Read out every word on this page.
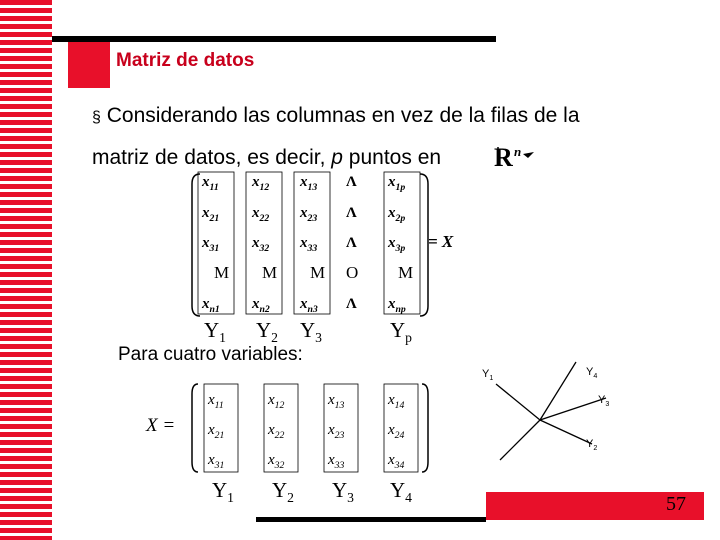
Matriz de datos
§ Considerando las columnas en vez de la filas de la
matriz de datos, es decir, p puntos en R n
$x_{11}$ $x_{12}$ $x_{13}$ Λ $x_{1p}$
$x_{21}$ $x_{22}$ $x_{23}$ Λ $x_{2p}$
$x_{31}$ $x_{32}$ $x_{33}$ Λ $x_{3p}$
M M M O M
$x_{n1}$ $x_{n2}$ $x_{n3}$ Λ $x_{np}$
= X
$Y_1$ $Y_2$ $Y_3$	$Y_p$
Para cuatro variables:
X =
$x_{11}$	$x_{12}$	$x_{13}$	$x_{14}$
$x_{21}$	$x_{22}$	$x_{23}$	$x_{24}$
$x_{31}$	$x_{32}$	$x_{33}$	$x_{34}$
$Y_1$ $Y_2$ $Y_3$ $Y_4$
$Y_1$
$Y_4$
$Y_3$
$Y_2$
57
